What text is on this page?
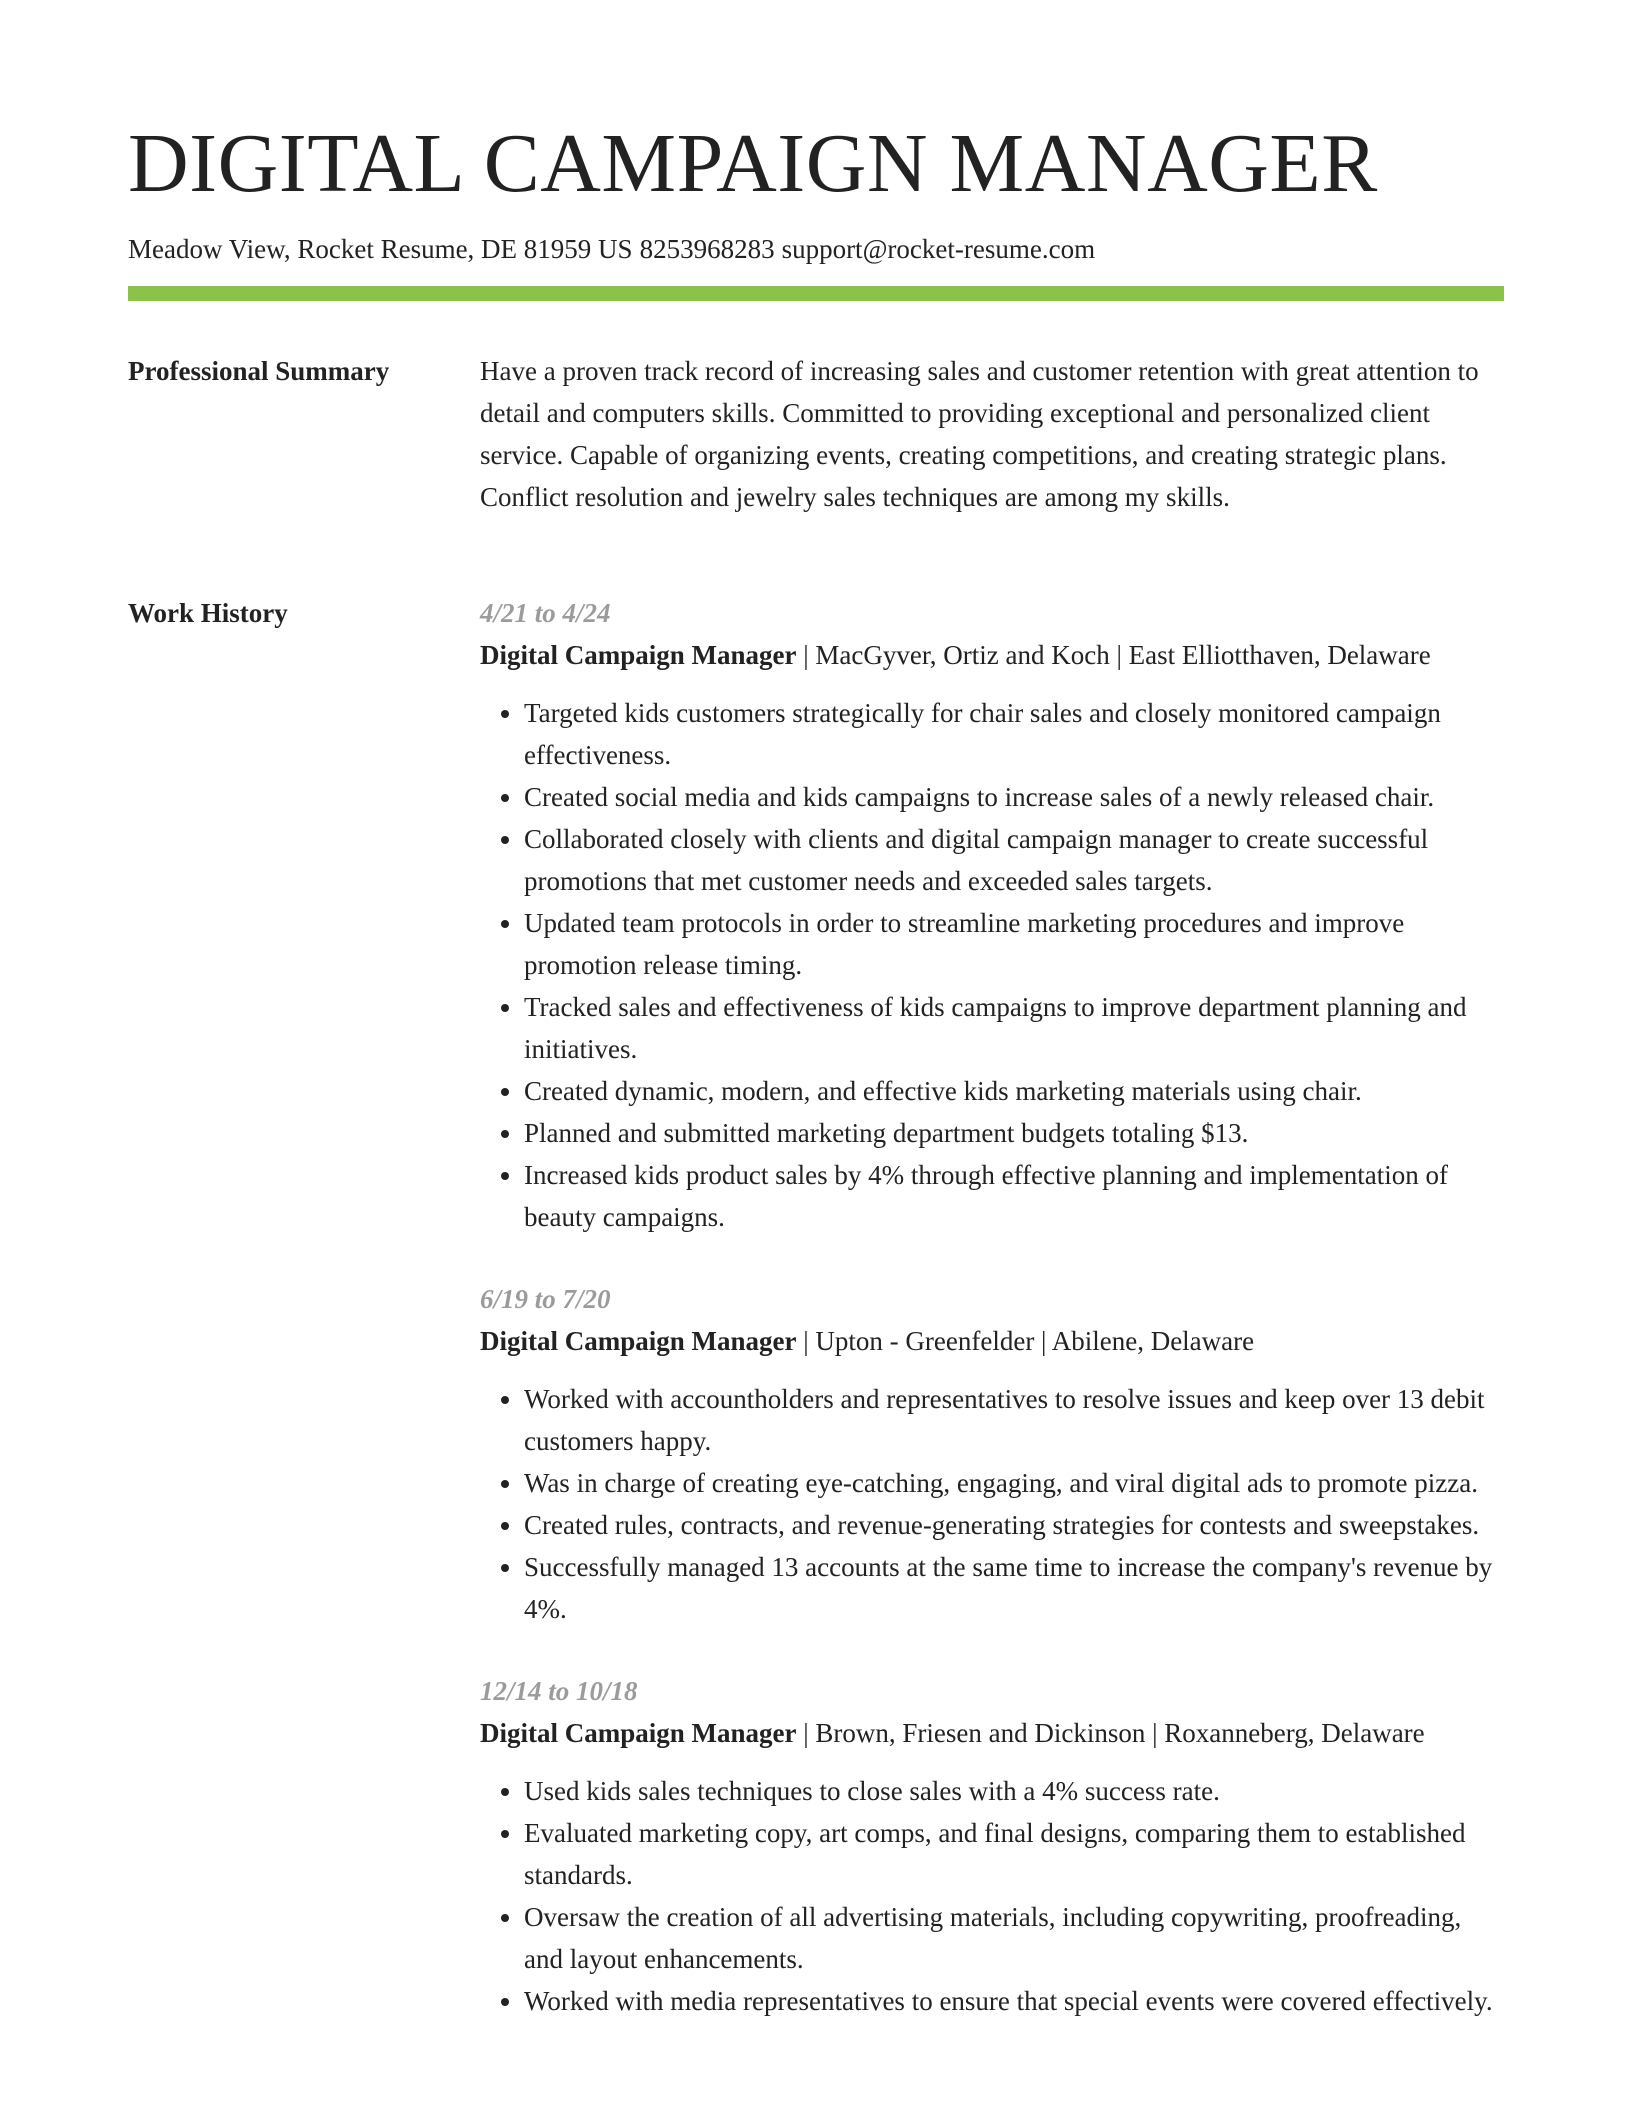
DIGITAL CAMPAIGN MANAGER
Meadow View, Rocket Resume, DE 81959 US 8253968283 support@rocket-resume.com
Professional Summary	Have a proven track record of increasing sales and customer retention with great attention to detail and computers skills. Committed to providing exceptional and personalized client service. Capable of organizing events, creating competitions, and creating strategic plans. Conflict resolution and jewelry sales techniques are among my skills.

Work History	4/21 to 4/24
Digital Campaign Manager | MacGyver, Ortiz and Koch | East Elliotthaven, Delaware
• Targeted kids customers strategically for chair sales and closely monitored campaign effectiveness.
• Created social media and kids campaigns to increase sales of a newly released chair.
• Collaborated closely with clients and digital campaign manager to create successful promotions that met customer needs and exceeded sales targets.
• Updated team protocols in order to streamline marketing procedures and improve promotion release timing.
• Tracked sales and effectiveness of kids campaigns to improve department planning and initiatives.
• Created dynamic, modern, and effective kids marketing materials using chair.
• Planned and submitted marketing department budgets totaling $13.
• Increased kids product sales by 4% through effective planning and implementation of beauty campaigns.
6/19 to 7/20
Digital Campaign Manager | Upton - Greenfelder | Abilene, Delaware
• Worked with accountholders and representatives to resolve issues and keep over 13 debit customers happy.
• Was in charge of creating eye-catching, engaging, and viral digital ads to promote pizza.
• Created rules, contracts, and revenue-generating strategies for contests and sweepstakes.
• Successfully managed 13 accounts at the same time to increase the company's revenue by 4%.
12/14 to 10/18
Digital Campaign Manager | Brown, Friesen and Dickinson | Roxanneberg, Delaware
• Used kids sales techniques to close sales with a 4% success rate.
• Evaluated marketing copy, art comps, and final designs, comparing them to established standards.
• Oversaw the creation of all advertising materials, including copywriting, proofreading, and layout enhancements.
• Worked with media representatives to ensure that special events were covered effectively.
